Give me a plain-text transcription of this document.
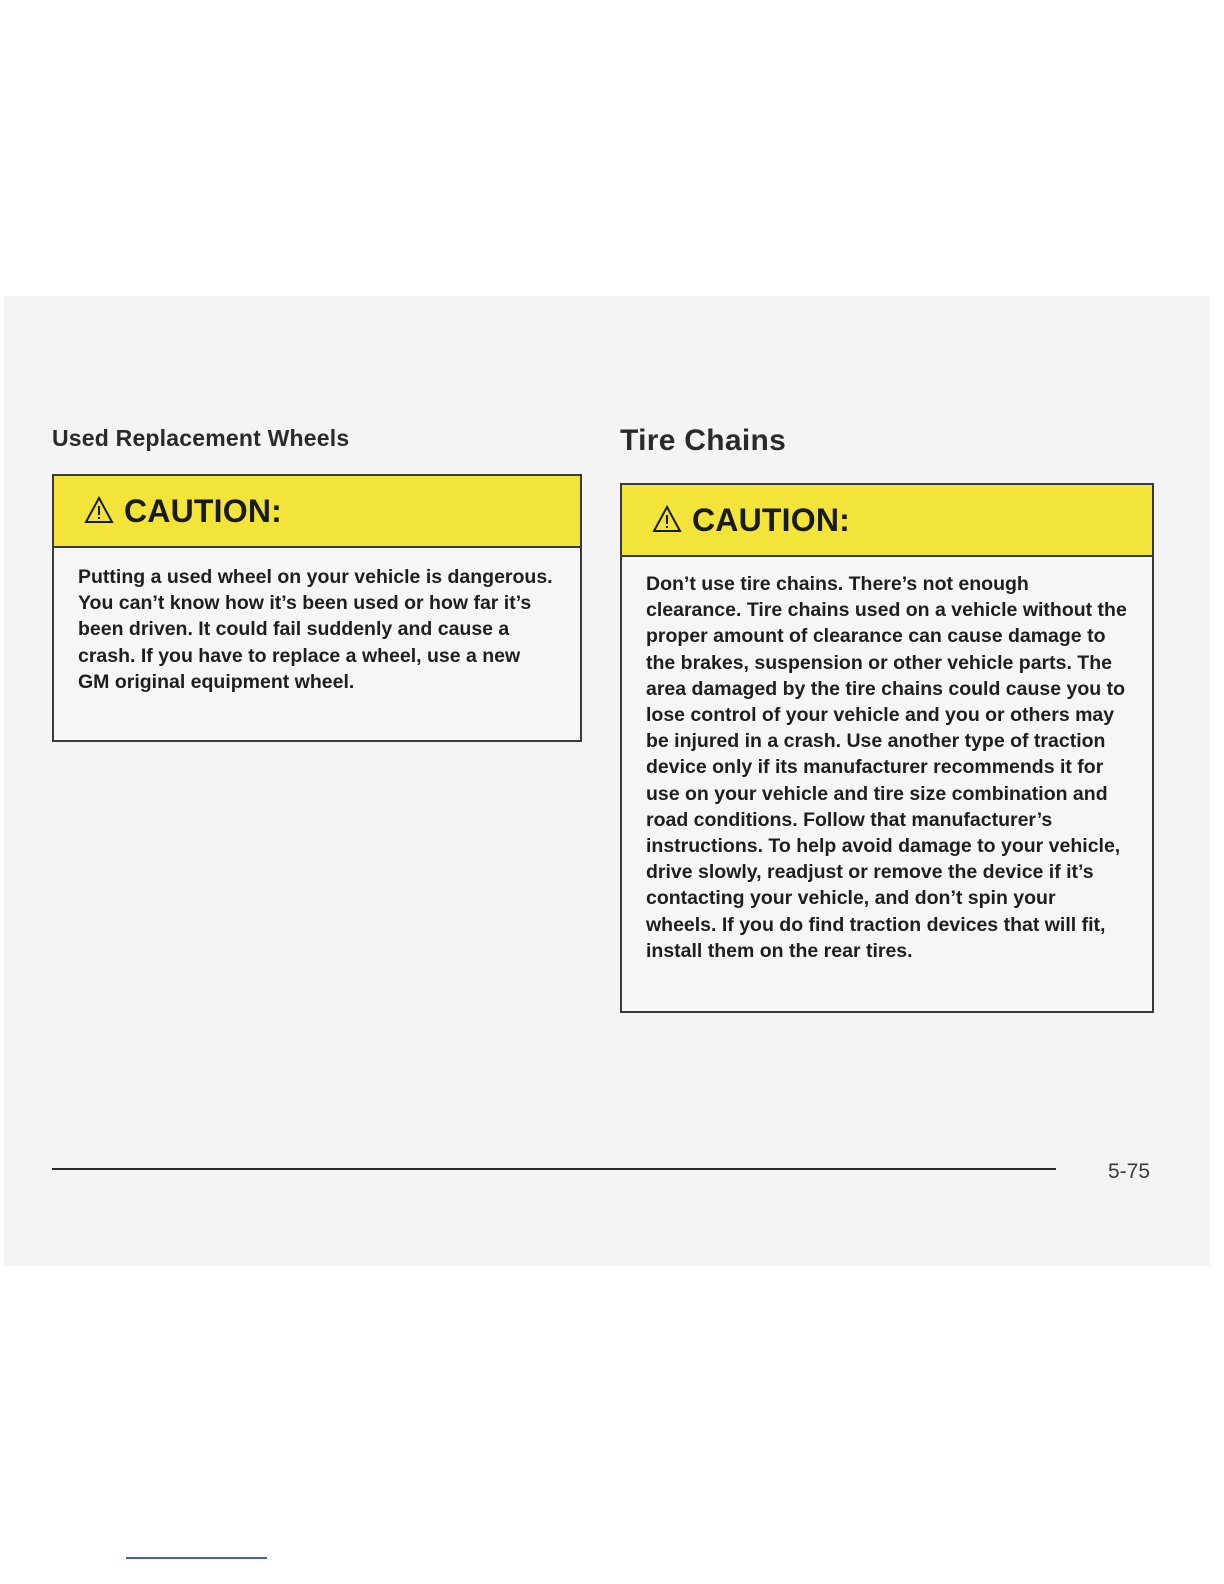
Used Replacement Wheels
CAUTION:
Putting a used wheel on your vehicle is dangerous. You can’t know how it’s been used or how far it’s been driven. It could fail suddenly and cause a crash. If you have to replace a wheel, use a new GM original equipment wheel.
Tire Chains
CAUTION:
Don’t use tire chains. There’s not enough clearance. Tire chains used on a vehicle without the proper amount of clearance can cause damage to the brakes, suspension or other vehicle parts. The area damaged by the tire chains could cause you to lose control of your vehicle and you or others may be injured in a crash. Use another type of traction device only if its manufacturer recommends it for use on your vehicle and tire size combination and road conditions. Follow that manufacturer’s instructions. To help avoid damage to your vehicle, drive slowly, readjust or remove the device if it’s contacting your vehicle, and don’t spin your wheels. If you do find traction devices that will fit, install them on the rear tires.
5-75
